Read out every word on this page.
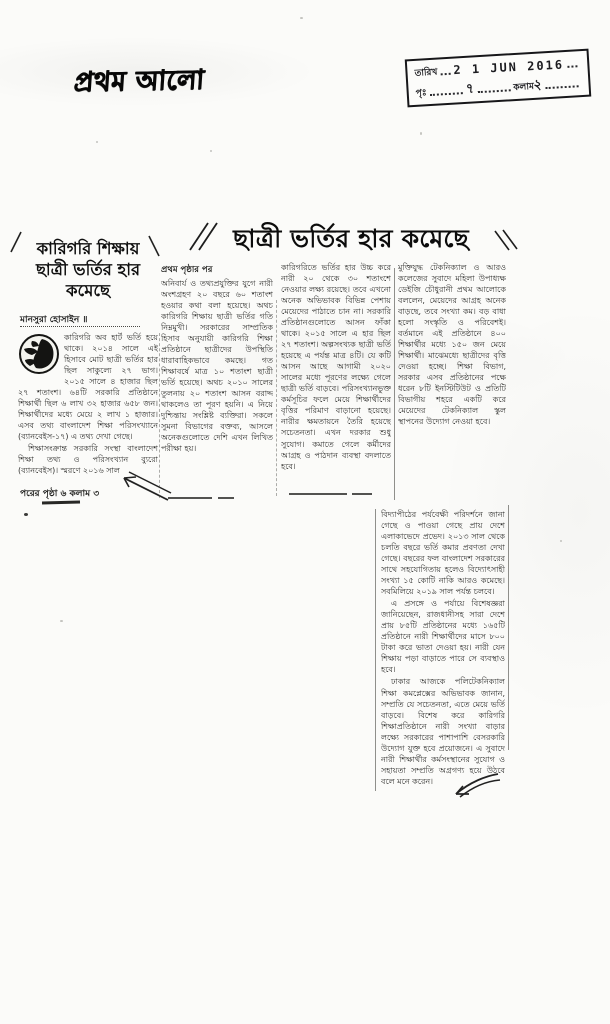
প্রথম আলো	তারিখ 2 1 JUN 2016
পৃঃ	৭	কলাম
২
কারিগরি শিক্ষায় ছাত্রী ভর্তির হার কমেছে
মানসুরা হোসাইন ॥

কারিগরি অব হার্ট ভর্তি হয়ে থাকে। ২০১৪ সালে এই হিসাবে মোট ছাত্রী ভর্তির হার ছিল সাকুল্যে ২৭ ভাগ। ২০১৫ সালে ৪ হাজার ছিল ২৭ শতাংশ। ৬৪টি সরকারি প্রতিষ্ঠানে শিক্ষার্থী ছিল ৬ লাখ ৩২ হাজার ৬৫৮ জন। শিক্ষার্থীদের মধ্যে মেয়ে ২ লাখ ১ হাজার। এসব তথ্য বাংলাদেশ শিক্ষা পরিসংখ্যানে (ব্যানবেইস-১৭) এ তথ্য দেখা গেছে।

শিক্ষাসংক্রান্ত সরকারি সংস্থা বাংলাদেশ শিক্ষা তথ্য ও পরিসংখ্যান ব্যুরো (ব্যানবেইস)। স্মরণে ২০১৬ সাল

পরের পৃষ্ঠা ৬ কলাম ৩
ছাত্রী ভর্তির হার কমেছে
প্রথম পৃষ্ঠার পর

অনিবার্য ও তথ্যপ্রযুক্তির যুগে নারী অংশগ্রহণ ২০ বছরে ৬০ শতাংশ হওয়ার কথা বলা হয়েছে। অথচ কারিগরি শিক্ষায় ছাত্রী ভর্তির গতি নিম্নমুখী। সরকারের সাম্প্রতিক হিসাব অনুযায়ী কারিগরি শিক্ষা প্রতিষ্ঠানে ছাত্রীদের উপস্থিতি ধারাবাহিকভাবে কমছে। গত শিক্ষাবর্ষে মাত্র ১০ শতাংশ ছাত্রী ভর্তি হয়েছে। অথচ ২০১০ সালের তুলনায় ২০ শতাংশ আসন বরাদ্দ থাকলেও তা পূরণ হয়নি। এ নিয়ে দুশ্চিন্তায় সংশ্লিষ্ট ব্যক্তিরা। সকলে সুমনা বিভাগের বক্তব্য, আসলে অনেকগুলোতে দেশি এখন লিখিত পরীক্ষা হয়।

কারিগরিতে ভর্তির হার উচ্চ করে নারী ২০ থেকে ৩০ শতাংশে নেওয়ার লক্ষ্য রয়েছে। তবে এখনো অনেক অভিভাবক বিভিন্ন পেশায় মেয়েদের পাঠাতে চান না। সরকারি প্রতিষ্ঠানগুলোতে আসন ফাঁকা থাকে। ২০১৫ সালে এ হার ছিল ২৭ শতাংশ। অল্পসংখ্যক ছাত্রী ভর্তি হয়েছে এ পর্যন্ত মাত্র ৪টি। যে কটি আসন আছে আগামী ২০২০ সালের মধ্যে পূরণের লক্ষ্যে গেলে ছাত্রী ভর্তি বাড়বে। পরিসংখ্যানভুক্ত কর্মসূচির ফলে মেয়ে শিক্ষার্থীদের বৃত্তির পরিমাণ বাড়ানো হয়েছে। নারীর ক্ষমতায়নে তৈরি হয়েছে সচেতনতা। এখন দরকার শুধু সুযোগ। কমাতে গেলে কর্মীদের আগ্রহ ও পাঠদান ব্যবস্থা বদলাতে হবে।

মুক্তিযুদ্ধ টেকনিক্যাল ও আরও কলেজের সুবাদে মহিলা উপাধ্যক্ষ ডেইজি চৌধুরানী প্রথম আলোকে বললেন, মেয়েদের আগ্রহ অনেক বাড়ছে, তবে সংখ্যা কম। বড় বাধা হলো সংস্কৃতি ও পরিবেশই। বর্তমানে এই প্রতিষ্ঠানে ৪০০ শিক্ষার্থীর মধ্যে ১৫০ জন মেয়ে শিক্ষার্থী। মাঝেমধ্যে ছাত্রীদের বৃত্তি দেওয়া হচ্ছে। শিক্ষা বিভাগ, সরকার এসব প্রতিষ্ঠানের পক্ষে ধরেন ৮টি ইনস্টিটিউট ও প্রতিটি বিভাগীয় শহরে একটি করে মেয়েদের টেকনিক্যাল স্কুল স্থাপনের উদ্যোগ নেওয়া হবে।

বিদ্যাপীঠের পর্যবেক্ষী পরিদর্শনে জানা গেছে ও পাওয়া গেছে প্রায় দেশে এলাকাভেদে প্রভেদ। ২০১৩ সাল থেকে চলতি বছরে ভর্তি কমার প্রবণতা দেখা গেছে। বছরের ফল বাংলাদেশ সরকারের সাথে সহযোগিতায় হলেও বিদ্যোৎসাহী সংখ্যা ১৫ কোটি নাকি আরও কমেছে। সবমিলিয়ে ২০১৯ সাল পর্যন্ত চলবে।

এ প্রসঙ্গে ও পর্যায়ে বিশেষজ্ঞরা জানিয়েছেন, রাজধানীসহ সারা দেশে প্রায় ৮৫টি প্রতিষ্ঠানের মধ্যে ১৬৫টি প্রতিষ্ঠানে নারী শিক্ষার্থীদের মাসে ৮০০ টাকা করে ভাতা দেওয়া হয়। নারী যেন শিক্ষায় পড়া বাড়াতে পারে সে ব্যবস্থাও হবে।

ঢাকার আজকে পলিটেকনিক্যাল শিক্ষা কমপ্লেক্সের অভিভাবক জানান, সম্প্রতি যে সচেতনতা, এতে মেয়ে ভর্তি বাড়বে। বিশেষ করে কারিগরি শিক্ষাপ্রতিষ্ঠানে নারী সংখ্যা বাড়ার লক্ষ্যে সরকারের পাশাপাশি বেসরকারি উদ্যোগ যুক্ত হবে প্রয়োজনে। এ সুবাদে নারী শিক্ষার্থীর কর্মসংস্থানের সুযোগ ও সহায়তা সম্প্রতি অগ্রগণ্য হয়ে উঠবে বলে মনে করেন।
